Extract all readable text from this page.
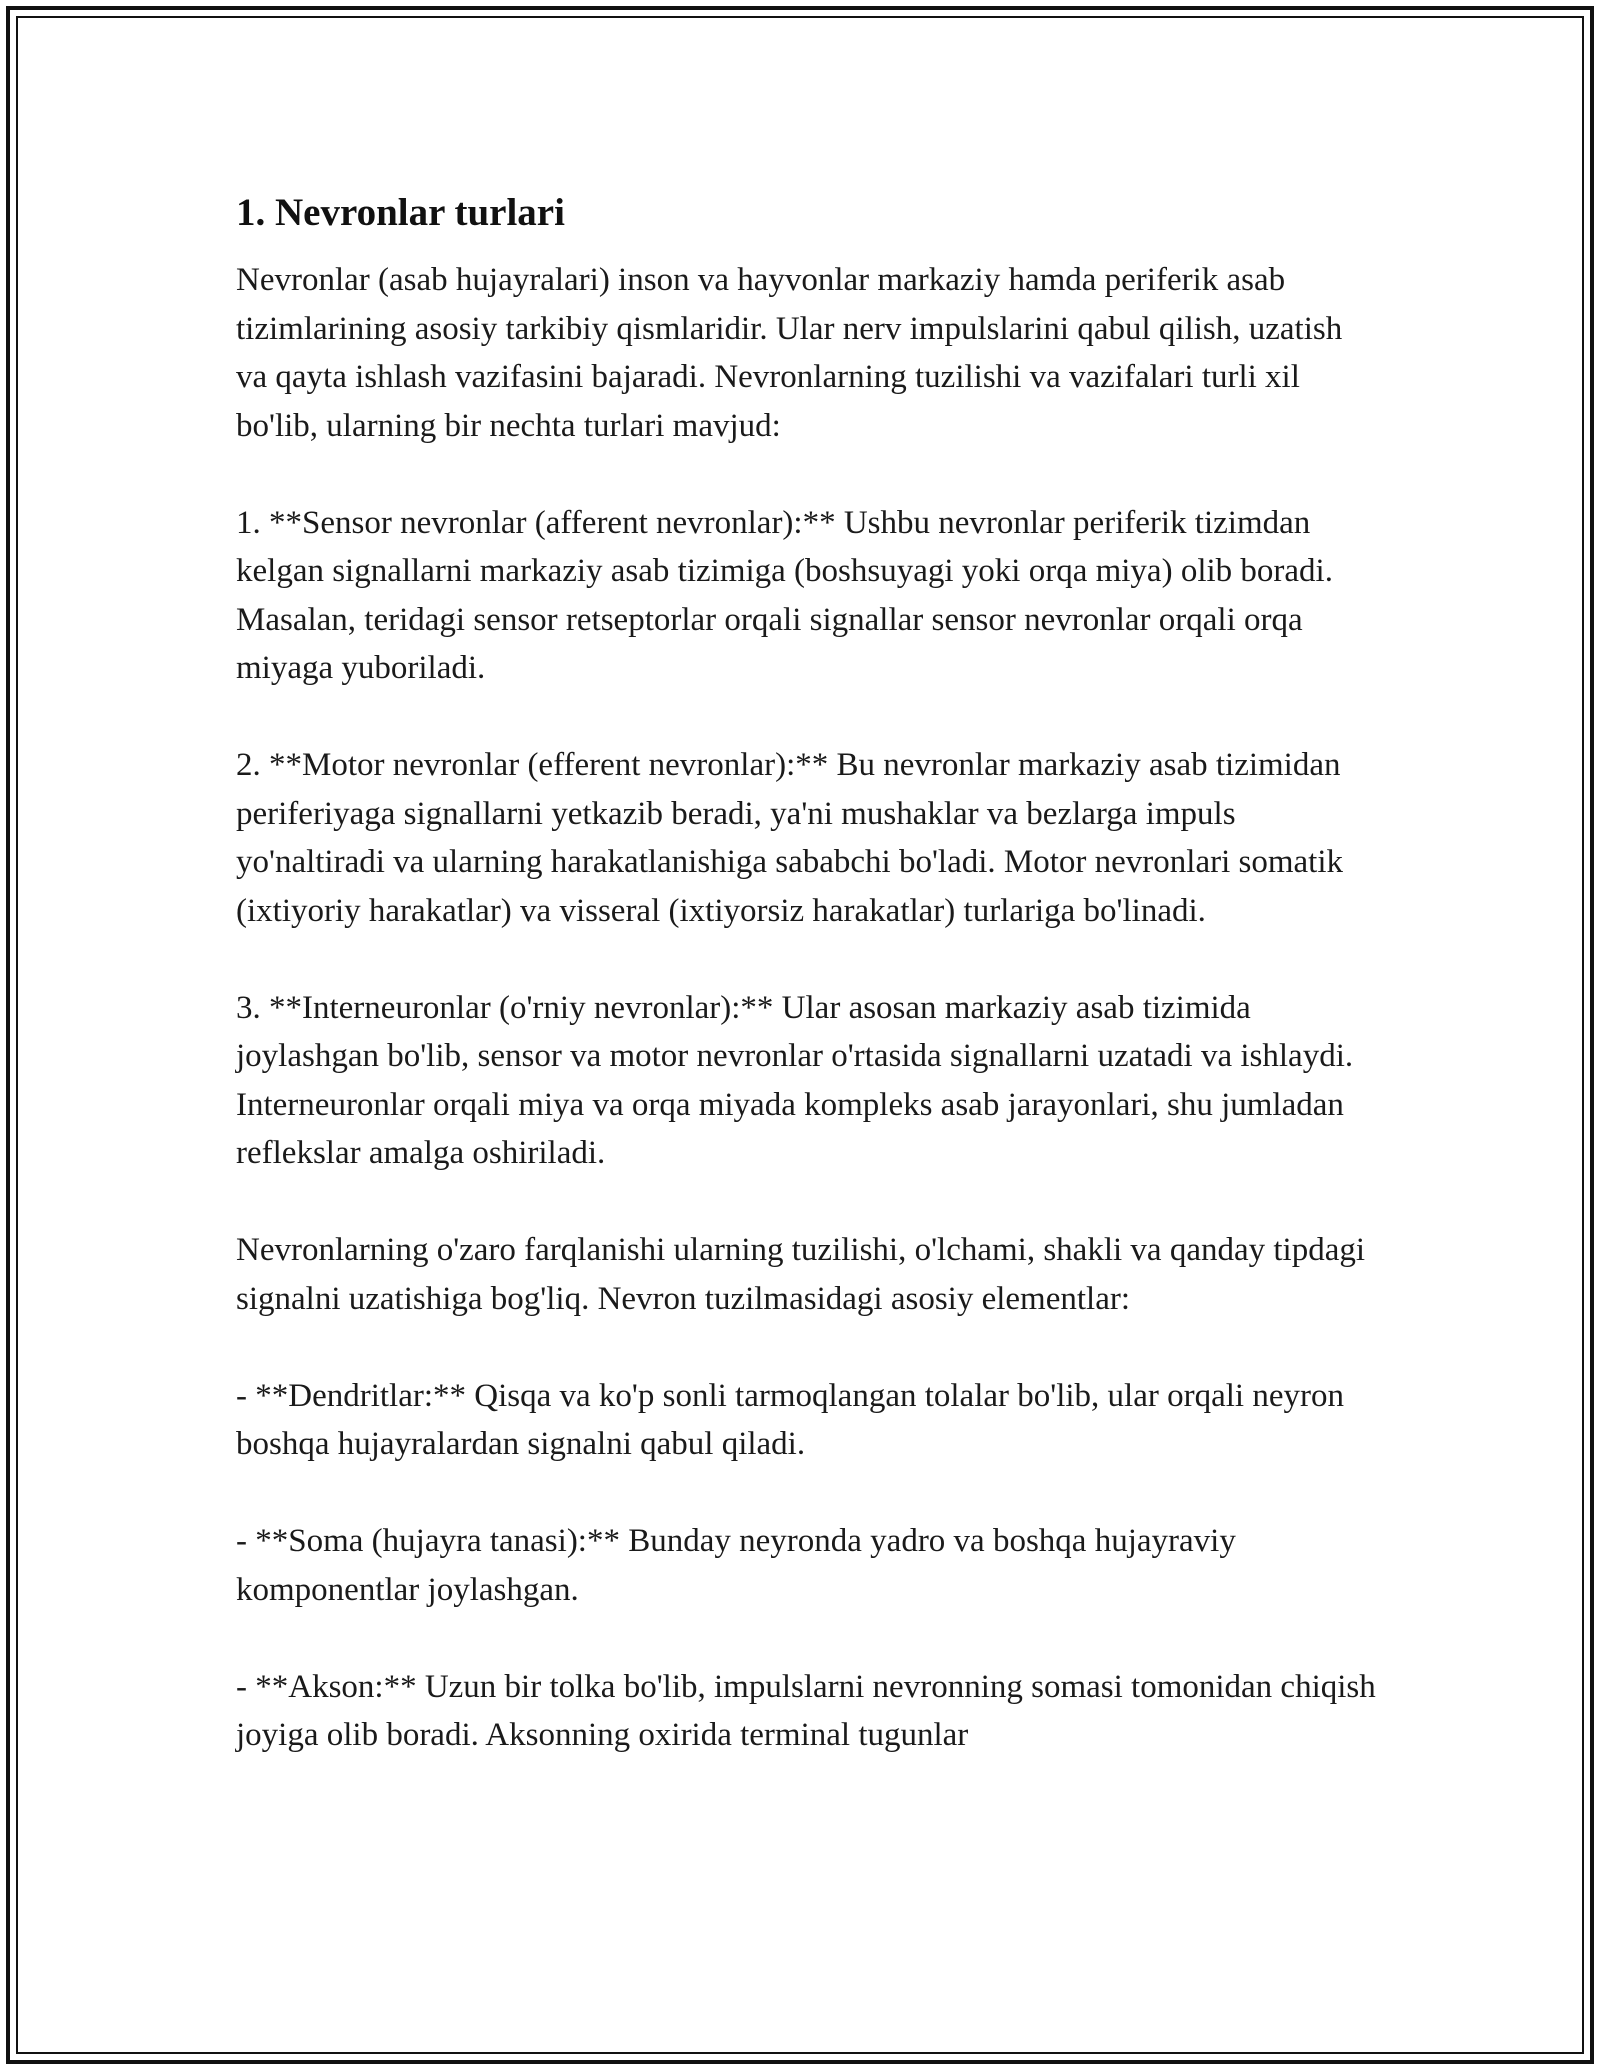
1. Nevronlar turlari

Nevronlar (asab hujayralari) inson va hayvonlar markaziy hamda periferik asab tizimlarining asosiy tarkibiy qismlaridir. Ular nerv impulslarini qabul qilish, uzatish va qayta ishlash vazifasini bajaradi. Nevronlarning tuzilishi va vazifalari turli xil bo'lib, ularning bir nechta turlari mavjud:

1. **Sensor nevronlar (afferent nevronlar):** Ushbu nevronlar periferik tizimdan kelgan signallarni markaziy asab tizimiga (boshsuyagi yoki orqa miya) olib boradi. Masalan, teridagi sensor retseptorlar orqali signallar sensor nevronlar orqali orqa miyaga yuboriladi.

2. **Motor nevronlar (efferent nevronlar):** Bu nevronlar markaziy asab tizimidan periferiyaga signallarni yetkazib beradi, ya'ni mushaklar va bezlarga impuls yo'naltiradi va ularning harakatlanishiga sababchi bo'ladi. Motor nevronlari somatik (ixtiyoriy harakatlar) va visseral (ixtiyorsiz harakatlar) turlariga bo'linadi.

3. **Interneuronlar (o'rniy nevronlar):** Ular asosan markaziy asab tizimida joylashgan bo'lib, sensor va motor nevronlar o'rtasida signallarni uzatadi va ishlaydi. Interneuronlar orqali miya va orqa miyada kompleks asab jarayonlari, shu jumladan reflekslar amalga oshiriladi.

Nevronlarning o'zaro farqlanishi ularning tuzilishi, o'lchami, shakli va qanday tipdagi signalni uzatishiga bog'liq. Nevron tuzilmasidagi asosiy elementlar:

- **Dendritlar:** Qisqa va ko'p sonli tarmoqlangan tolalar bo'lib, ular orqali neyron boshqa hujayralardan signalni qabul qiladi.

- **Soma (hujayra tanasi):** Bunday neyronda yadro va boshqa hujayraviy komponentlar joylashgan.

- **Akson:** Uzun bir tolka bo'lib, impulslarni nevronning somasi tomonidan chiqish joyiga olib boradi. Aksonning oxirida terminal tugunlar
